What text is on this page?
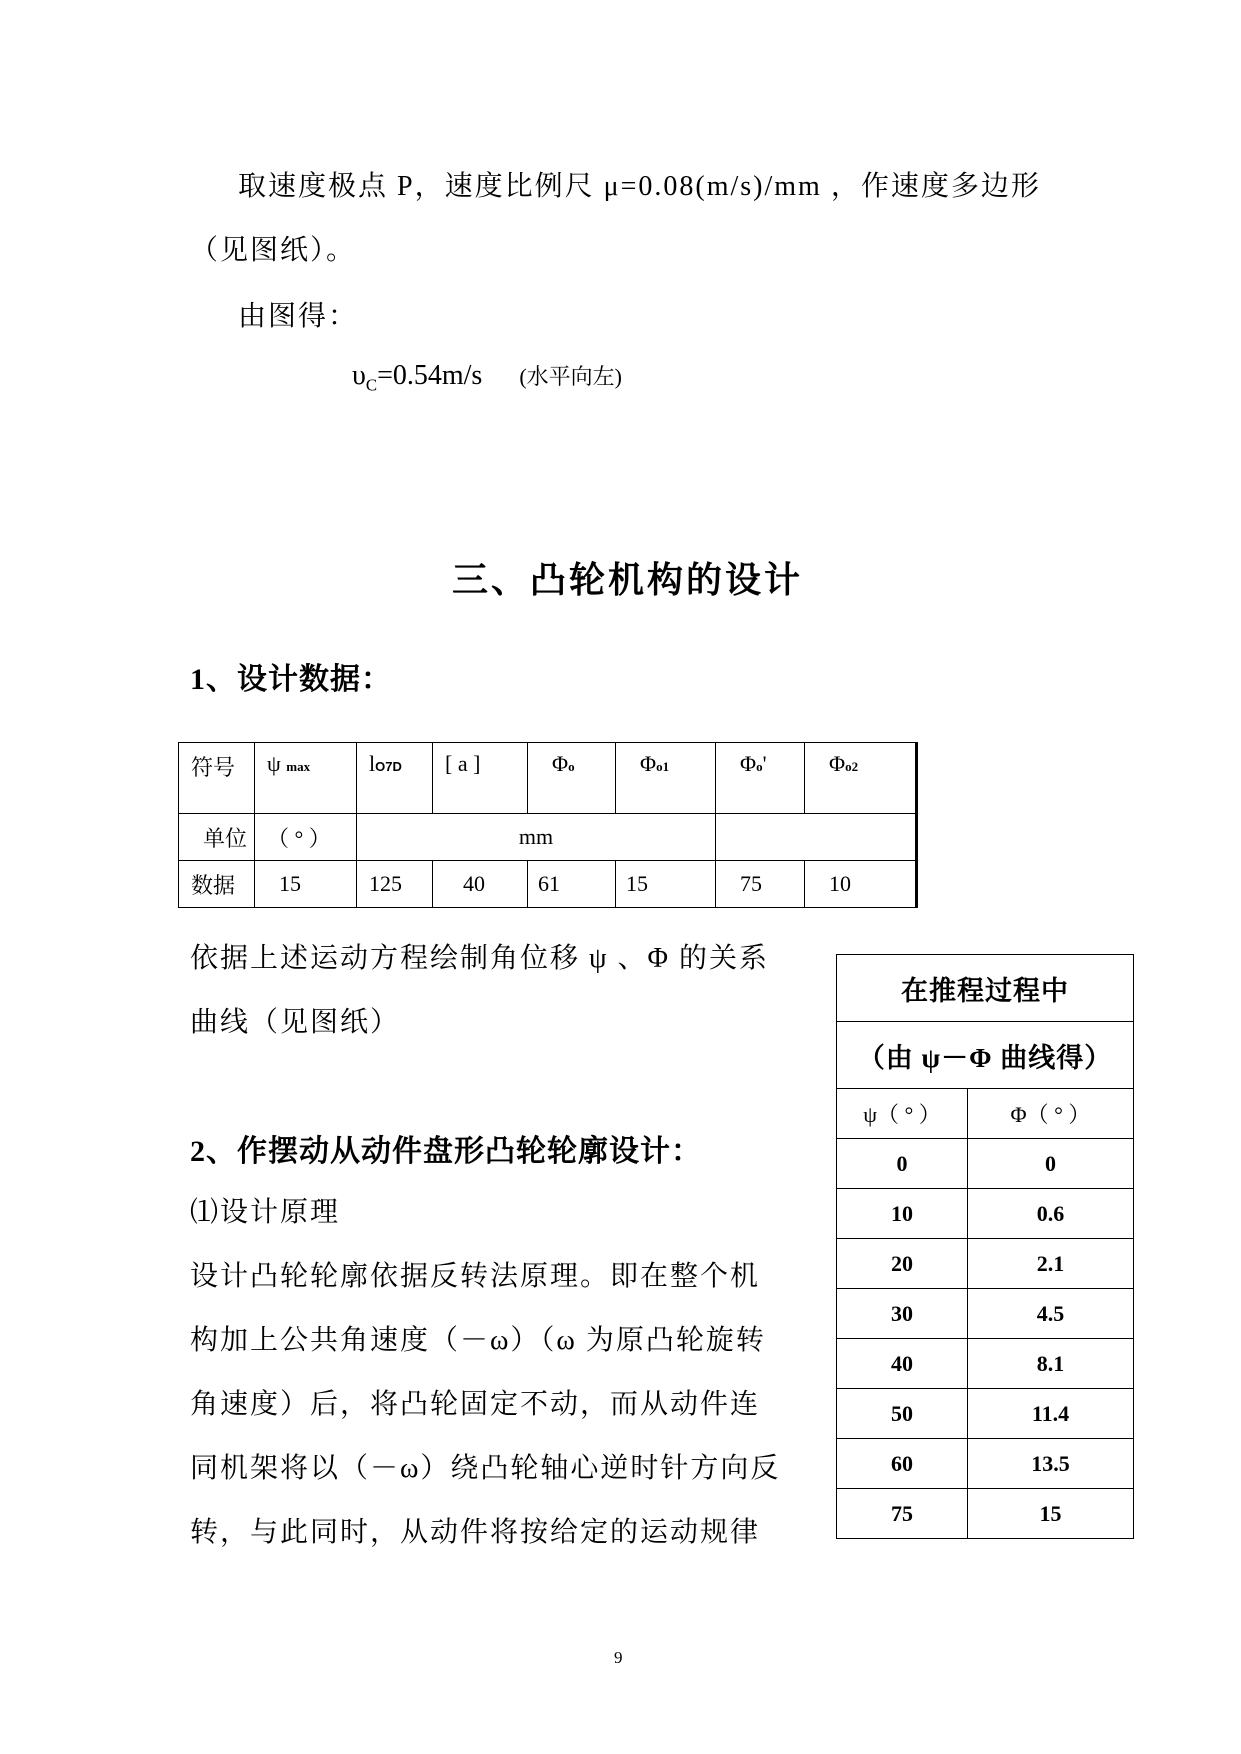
取速度极点 P，速度比例尺 μ=0.08(m/s)/mm ，作速度多边形
（见图纸）。
由图得：
$\upsilon_C=0.54m/s$ (水平向左)
三、凸轮机构的设计
1、设计数据：
符号	ψ max	lO7D	[ a ]	Φo	Φo1	Φo'	Φo2
单位	（ ° ）	mm					
数据	15	125	40	61	15	75	10
依据上述运动方程绘制角位移 ψ 、Φ 的关系
曲线（见图纸）
2、作摆动从动件盘形凸轮轮廓设计：
⑴设计原理
设计凸轮轮廓依据反转法原理。即在整个机
构加上公共角速度（－ω）（ω 为原凸轮旋转
角速度）后，将凸轮固定不动，而从动件连
同机架将以（－ω）绕凸轮轴心逆时针方向反
转，与此同时，从动件将按给定的运动规律
在推程过程中	
（由 ψ－Φ 曲线得）	
ψ（ ° ）	Φ（ ° ）
0	0
10	0.6
20	2.1
30	4.5
40	8.1
50	11.4
60	13.5
75	15
9
